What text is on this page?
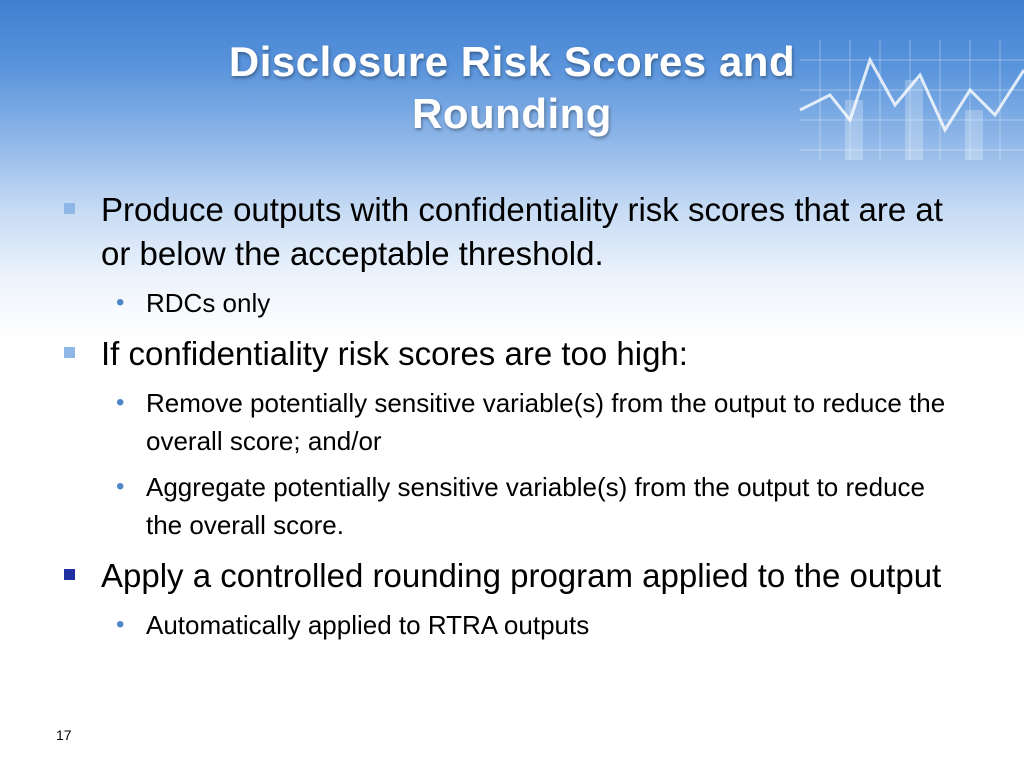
Disclosure Risk Scores and
Rounding
Produce outputs with confidentiality risk scores that are at or below the acceptable threshold.
• RDCs only
If confidentiality risk scores are too high:
• Remove potentially sensitive variable(s) from the output to reduce the overall score; and/or
• Aggregate potentially sensitive variable(s) from the output to reduce the overall score.
Apply a controlled rounding program applied to the output
• Automatically applied to RTRA outputs
17
